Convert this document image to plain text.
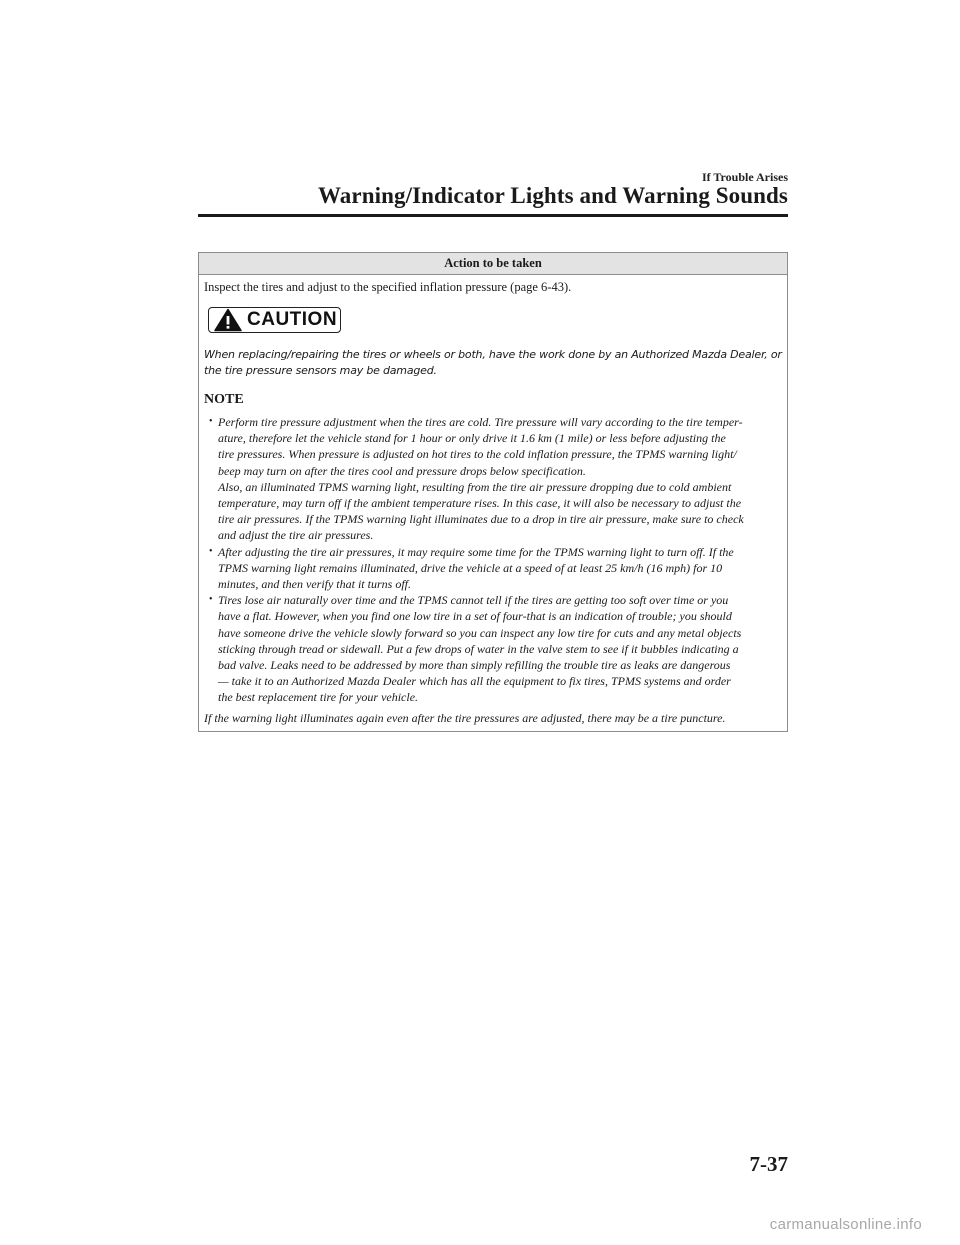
If Trouble Arises
Warning/Indicator Lights and Warning Sounds
Action to be taken

Inspect the tires and adjust to the specified inflation pressure (page 6-43).

CAUTION

When replacing/repairing the tires or wheels or both, have the work done by an Authorized Mazda Dealer, or the tire pressure sensors may be damaged.

NOTE
• Perform tire pressure adjustment when the tires are cold. Tire pressure will vary according to the tire temper-
ature, therefore let the vehicle stand for 1 hour or only drive it 1.6 km (1 mile) or less before adjusting the
tire pressures. When pressure is adjusted on hot tires to the cold inflation pressure, the TPMS warning light/
beep may turn on after the tires cool and pressure drops below specification.
Also, an illuminated TPMS warning light, resulting from the tire air pressure dropping due to cold ambient
temperature, may turn off if the ambient temperature rises. In this case, it will also be necessary to adjust the
tire air pressures. If the TPMS warning light illuminates due to a drop in tire air pressure, make sure to check
and adjust the tire air pressures.
• After adjusting the tire air pressures, it may require some time for the TPMS warning light to turn off. If the
TPMS warning light remains illuminated, drive the vehicle at a speed of at least 25 km/h (16 mph) for 10
minutes, and then verify that it turns off.
• Tires lose air naturally over time and the TPMS cannot tell if the tires are getting too soft over time or you
have a flat. However, when you find one low tire in a set of four-that is an indication of trouble; you should
have someone drive the vehicle slowly forward so you can inspect any low tire for cuts and any metal objects
sticking through tread or sidewall. Put a few drops of water in the valve stem to see if it bubbles indicating a
bad valve. Leaks need to be addressed by more than simply refilling the trouble tire as leaks are dangerous
— take it to an Authorized Mazda Dealer which has all the equipment to fix tires, TPMS systems and order
the best replacement tire for your vehicle.

If the warning light illuminates again even after the tire pressures are adjusted, there may be a tire puncture.

7-37
carmanualsonline.info
